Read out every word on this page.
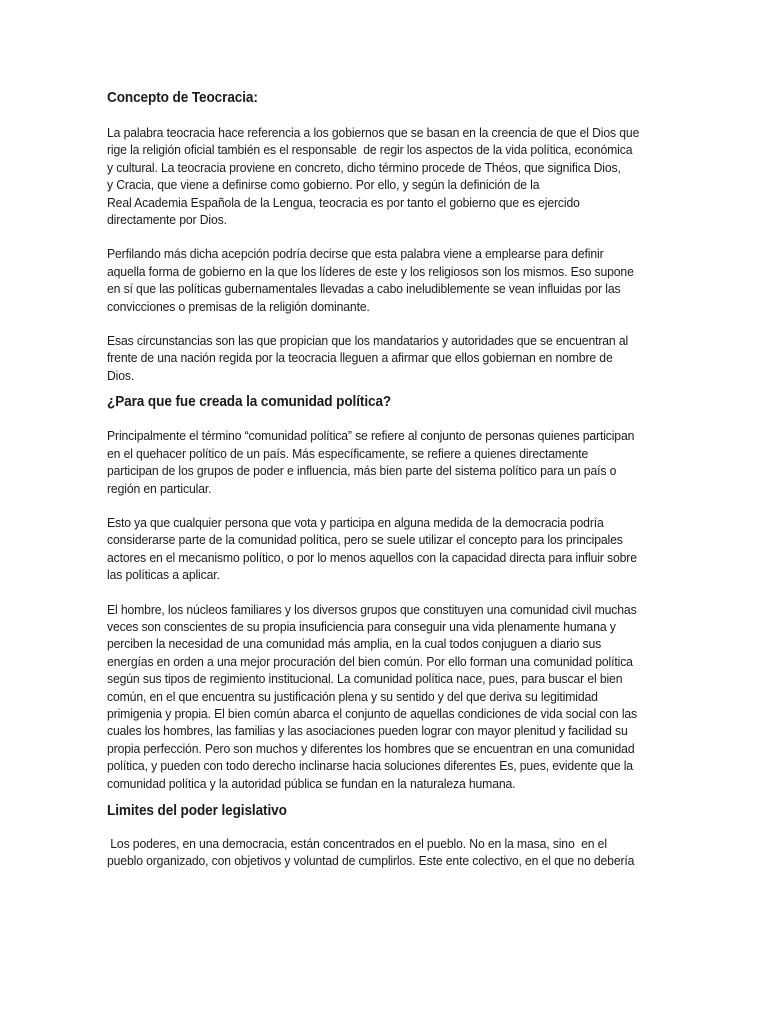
Concepto de Teocracia:

La palabra teocracia hace referencia a los gobiernos que se basan en la creencia de que el Dios que
rige la religión oficial también es el responsable  de regir los aspectos de la vida política, económica
y cultural. La teocracia proviene en concreto, dicho término procede de Théos, que significa Dios,
y Cracia, que viene a definirse como gobierno. Por ello, y según la definición de la
Real Academia Española de la Lengua, teocracia es por tanto el gobierno que es ejercido
directamente por Dios.

Perfilando más dicha acepción podría decirse que esta palabra viene a emplearse para definir
aquella forma de gobierno en la que los líderes de este y los religiosos son los mismos. Eso supone
en sí que las políticas gubernamentales llevadas a cabo ineludiblemente se vean influidas por las
convicciones o premisas de la religión dominante.

Esas circunstancias son las que propician que los mandatarios y autoridades que se encuentran al
frente de una nación regida por la teocracia lleguen a afirmar que ellos gobiernan en nombre de
Dios.

¿Para que fue creada la comunidad política?

Principalmente el término “comunidad política” se refiere al conjunto de personas quienes participan
en el quehacer político de un país. Más específicamente, se refiere a quienes directamente
participan de los grupos de poder e influencia, más bien parte del sistema político para un país o
región en particular.

Esto ya que cualquier persona que vota y participa en alguna medida de la democracia podría
considerarse parte de la comunidad política, pero se suele utilizar el concepto para los principales
actores en el mecanismo político, o por lo menos aquellos con la capacidad directa para influir sobre
las políticas a aplicar.

El hombre, los núcleos familiares y los diversos grupos que constituyen una comunidad civil muchas
veces son conscientes de su propia insuficiencia para conseguir una vida plenamente humana y
perciben la necesidad de una comunidad más amplia, en la cual todos conjuguen a diario sus
energías en orden a una mejor procuración del bien común. Por ello forman una comunidad política
según sus tipos de regimiento institucional. La comunidad política nace, pues, para buscar el bien
común, en el que encuentra su justificación plena y su sentido y del que deriva su legitimidad
primigenia y propia. El bien común abarca el conjunto de aquellas condiciones de vida social con las
cuales los hombres, las familias y las asociaciones pueden lograr con mayor plenitud y facilidad su
propia perfección. Pero son muchos y diferentes los hombres que se encuentran en una comunidad
política, y pueden con todo derecho inclinarse hacia soluciones diferentes Es, pues, evidente que la
comunidad política y la autoridad pública se fundan en la naturaleza humana.

Limites del poder legislativo

Los poderes, en una democracia, están concentrados en el pueblo. No en la masa, sino  en el
pueblo organizado, con objetivos y voluntad de cumplirlos. Este ente colectivo, en el que no debería
